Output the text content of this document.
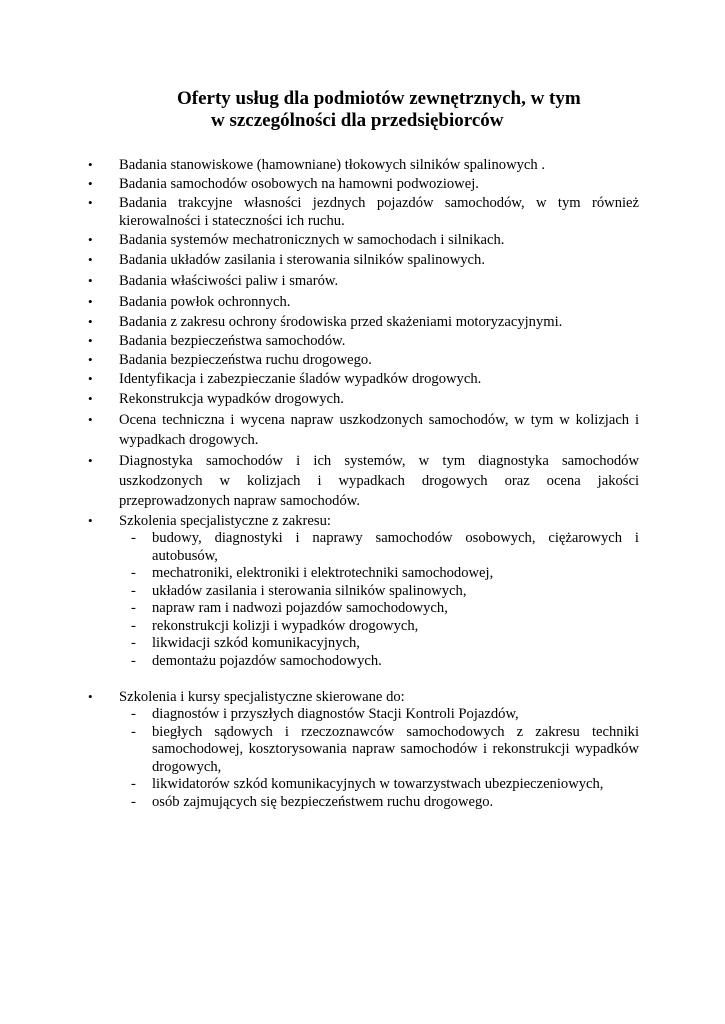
Oferty usług dla podmiotów zewnętrznych, w tym
w szczególności dla przedsiębiorców
• Badania stanowiskowe (hamowniane) tłokowych silników spalinowych .
• Badania samochodów osobowych na hamowni podwoziowej.
• Badania trakcyjne własności jezdnych pojazdów samochodów, w tym również kierowalności i stateczności ich ruchu.
• Badania systemów mechatronicznych w samochodach i silnikach.
• Badania układów zasilania i sterowania silników spalinowych.
• Badania właściwości paliw i smarów.
• Badania powłok ochronnych.
• Badania z zakresu ochrony środowiska przed skażeniami motoryzacyjnymi.
• Badania bezpieczeństwa samochodów.
• Badania bezpieczeństwa ruchu drogowego.
• Identyfikacja i zabezpieczanie śladów wypadków drogowych.
• Rekonstrukcja wypadków drogowych.
• Ocena techniczna i wycena napraw uszkodzonych samochodów, w tym w kolizjach i wypadkach drogowych.
• Diagnostyka samochodów i ich systemów, w tym diagnostyka samochodów uszkodzonych w kolizjach i wypadkach drogowych oraz ocena jakości przeprowadzonych napraw samochodów.
• Szkolenia specjalistyczne z zakresu:
- budowy, diagnostyki i naprawy samochodów osobowych, ciężarowych i autobusów,
- mechatroniki, elektroniki i elektrotechniki samochodowej,
- układów zasilania i sterowania silników spalinowych,
- napraw ram i nadwozi pojazdów samochodowych,
- rekonstrukcji kolizji i wypadków drogowych,
- likwidacji szkód komunikacyjnych,
- demontażu pojazdów samochodowych.
• Szkolenia i kursy specjalistyczne skierowane do:
- diagnostów i przyszłych diagnostów Stacji Kontroli Pojazdów,
- biegłych sądowych i rzeczoznawców samochodowych z zakresu techniki samochodowej, kosztorysowania napraw samochodów i rekonstrukcji wypadków drogowych,
- likwidatorów szkód komunikacyjnych w towarzystwach ubezpieczeniowych,
- osób zajmujących się bezpieczeństwem ruchu drogowego.
